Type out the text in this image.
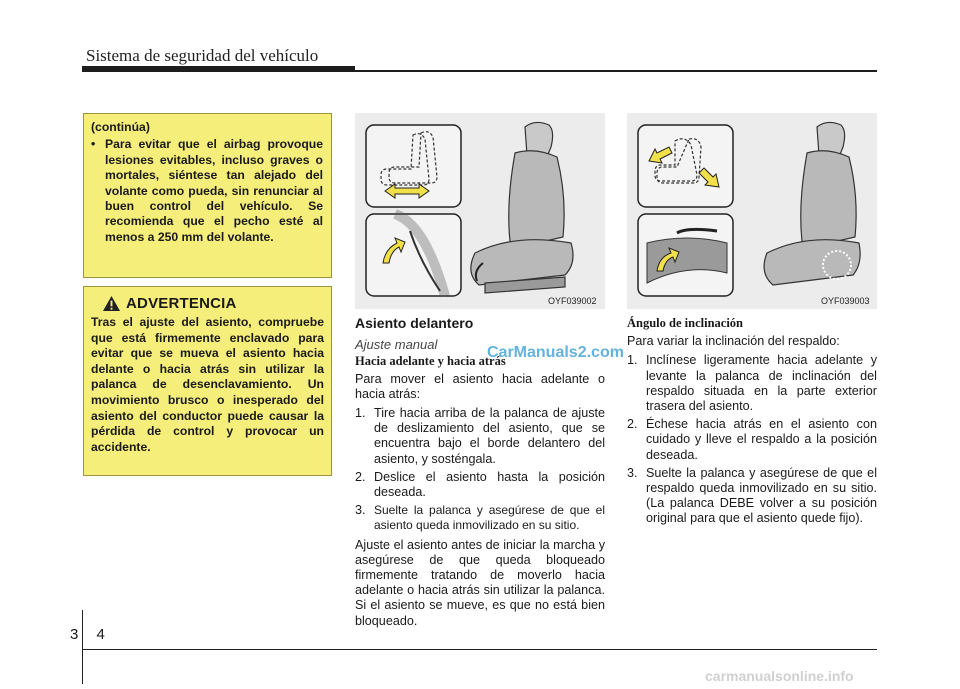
Sistema de seguridad del vehículo
(continúa)
• Para evitar que el airbag provoque lesiones evitables, incluso graves o mortales, siéntese tan alejado del volante como pueda, sin renunciar al buen control del vehículo. Se recomienda que el pecho esté al menos a 250 mm del volante.
ADVERTENCIA
Tras el ajuste del asiento, compruebe que está firmemente enclavado para evitar que se mueva el asiento hacia delante o hacia atrás sin utilizar la palanca de desenclavamiento. Un movimiento brusco o inesperado del asiento del conductor puede causar la pérdida de control y provocar un accidente.
OYF039002	OYF039003
Asiento delantero
Ajuste manual
Hacia adelante y hacia atrás
Para mover el asiento hacia adelante o hacia atrás:
1. Tire hacia arriba de la palanca de ajuste de deslizamiento del asiento, que se encuentra bajo el borde delantero del asiento, y sosténgala.
2. Deslice el asiento hasta la posición deseada.
3. Suelte la palanca y asegúrese de que el asiento queda inmovilizado en su sitio.
Ajuste el asiento antes de iniciar la marcha y asegúrese de que queda bloqueado firmemente tratando de moverlo hacia adelante o hacia atrás sin utilizar la palanca. Si el asiento se mueve, es que no está bien bloqueado.
Ángulo de inclinación
Para variar la inclinación del respaldo:
1. Inclínese ligeramente hacia adelante y levante la palanca de inclinación del respaldo situada en la parte exterior trasera del asiento.
2. Échese hacia atrás en el asiento con cuidado y lleve el respaldo a la posición deseada.
3. Suelte la palanca y asegúrese de que el respaldo queda inmovilizado en su sitio. (La palanca DEBE volver a su posición original para que el asiento quede fijo).
CarManuals2.com
carmanualsonline.info
3 4
